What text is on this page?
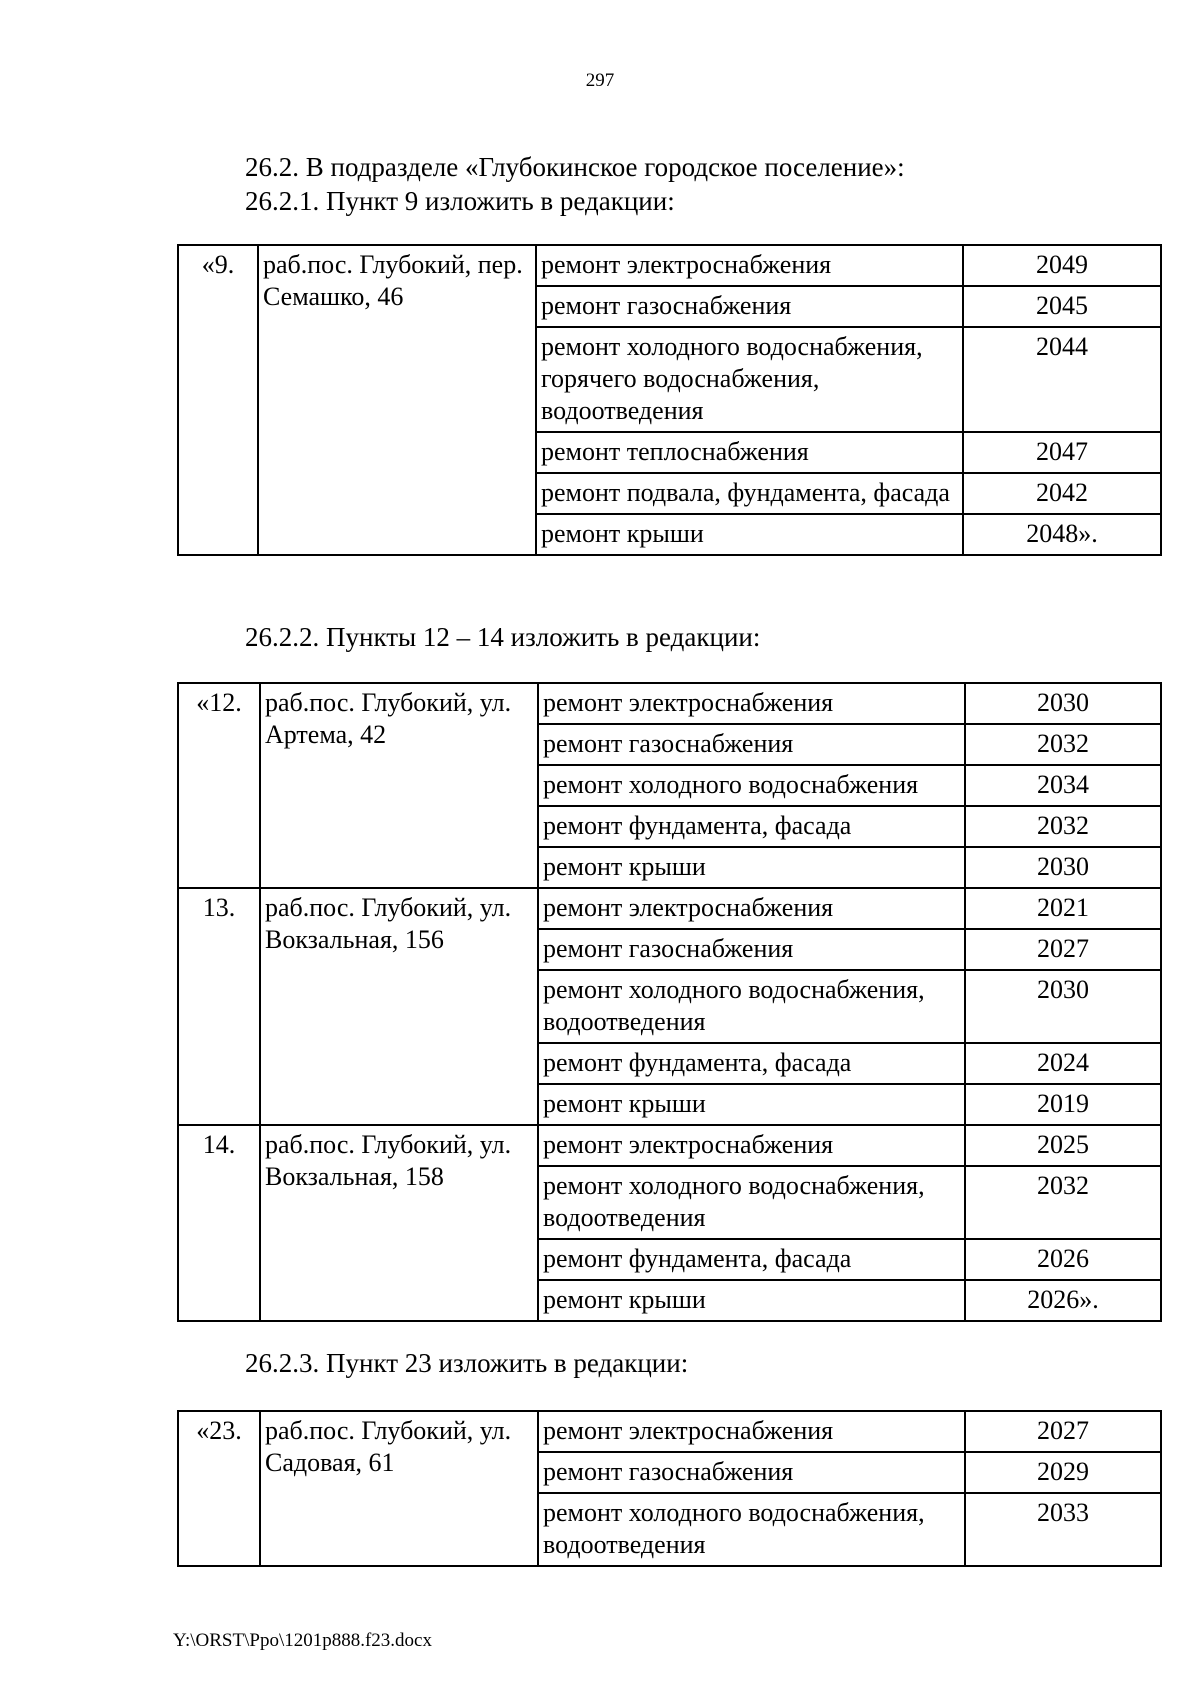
297
26.2. В подразделе «Глубокинское городское поселение»:
26.2.1. Пункт 9 изложить в редакции:
«9.	раб.пос. Глубокий, пер. Семашко, 46	ремонт электроснабжения	2049
		ремонт газоснабжения	2045
		ремонт холодного водоснабжения, горячего водоснабжения, водоотведения	2044
		ремонт теплоснабжения	2047
		ремонт подвала, фундамента, фасада	2042
		ремонт крыши	2048».
26.2.2. Пункты 12 – 14 изложить в редакции:
«12.	раб.пос. Глубокий, ул. Артема, 42	ремонт электроснабжения	2030
		ремонт газоснабжения	2032
		ремонт холодного водоснабжения	2034
		ремонт фундамента, фасада	2032
		ремонт крыши	2030
13.	раб.пос. Глубокий, ул. Вокзальная, 156	ремонт электроснабжения	2021
		ремонт газоснабжения	2027
		ремонт холодного водоснабжения, водоотведения	2030
		ремонт фундамента, фасада	2024
		ремонт крыши	2019
14.	раб.пос. Глубокий, ул. Вокзальная, 158	ремонт электроснабжения	2025
		ремонт холодного водоснабжения, водоотведения	2032
		ремонт фундамента, фасада	2026
		ремонт крыши	2026».
26.2.3. Пункт 23 изложить в редакции:
«23.	раб.пос. Глубокий, ул. Садовая, 61	ремонт электроснабжения	2027
		ремонт газоснабжения	2029
		ремонт холодного водоснабжения, водоотведения	2033
Y:\ORST\Ppo\1201p888.f23.docx
